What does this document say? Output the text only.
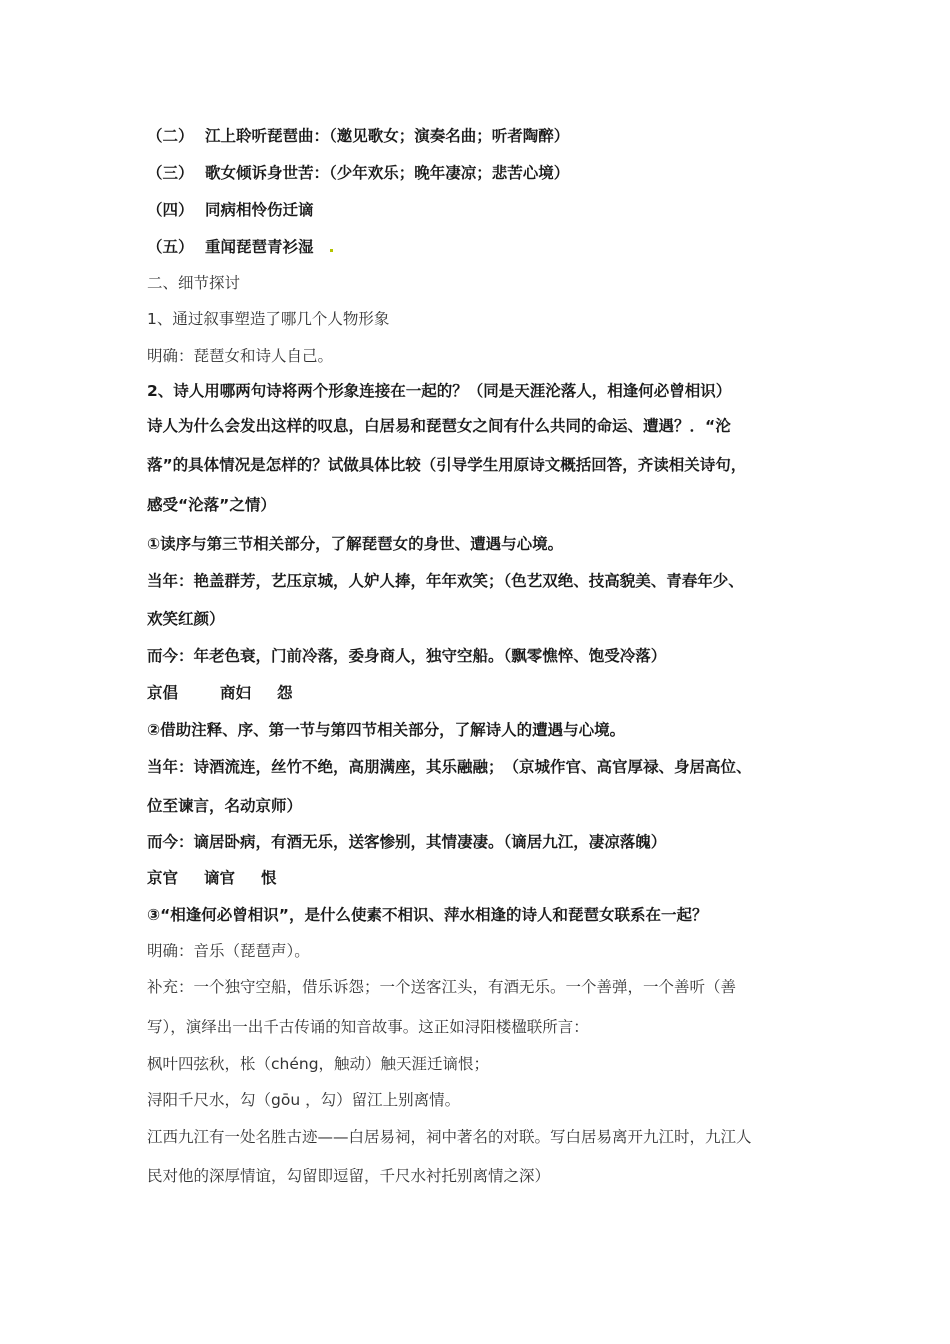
（二） 江上聆听琵琶曲：（邀见歌女；演奏名曲；听者陶醉）
（三） 歌女倾诉身世苦：（少年欢乐；晚年凄凉；悲苦心境）
（四） 同病相怜伤迁谪
（五） 重闻琵琶青衫湿
二、细节探讨
1、通过叙事塑造了哪几个人物形象
明确：琵琶女和诗人自己。
2、诗人用哪两句诗将两个形象连接在一起的？（同是天涯沦落人，相逢何必曾相识）
诗人为什么会发出这样的叹息，白居易和琵琶女之间有什么共同的命运、遭遇？．“沦
落”的具体情况是怎样的？试做具体比较（引导学生用原诗文概括回答，齐读相关诗句，
感受“沦落”之情）
①读序与第三节相关部分，了解琵琶女的身世、遭遇与心境。
当年：艳盖群芳，艺压京城，人妒人捧，年年欢笑；（色艺双绝、技高貌美、青春年少、
欢笑红颜）
而今：年老色衰，门前冷落，委身商人，独守空船。（飘零憔悴、饱受冷落）
京倡	商妇 怨
②借助注释、序、第一节与第四节相关部分，了解诗人的遭遇与心境。
当年：诗酒流连，丝竹不绝，高朋满座，其乐融融；　（京城作官、高官厚禄、身居高位、
位至谏言，名动京师）
而今：谪居卧病，有酒无乐，送客惨别，其情凄凄。（谪居九江，凄凉落魄）
京官 谪官 恨
③“相逢何必曾相识”，是什么使素不相识、萍水相逢的诗人和琵琶女联系在一起？
明确：音乐（琵琶声）。
补充：一个独守空船，借乐诉怨；一个送客江头，有酒无乐。一个善弹，一个善听（善
写），演绎出一出千古传诵的知音故事。这正如浔阳楼楹联所言：
枫叶四弦秋，枨（chéng，触动）触天涯迁谪恨；
浔阳千尺水，勾（gōu ，勾）留江上别离情。
江西九江有一处名胜古迹——白居易祠，祠中著名的对联。写白居易离开九江时，九江人
民对他的深厚情谊，勾留即逗留，千尺水衬托别离情之深）
